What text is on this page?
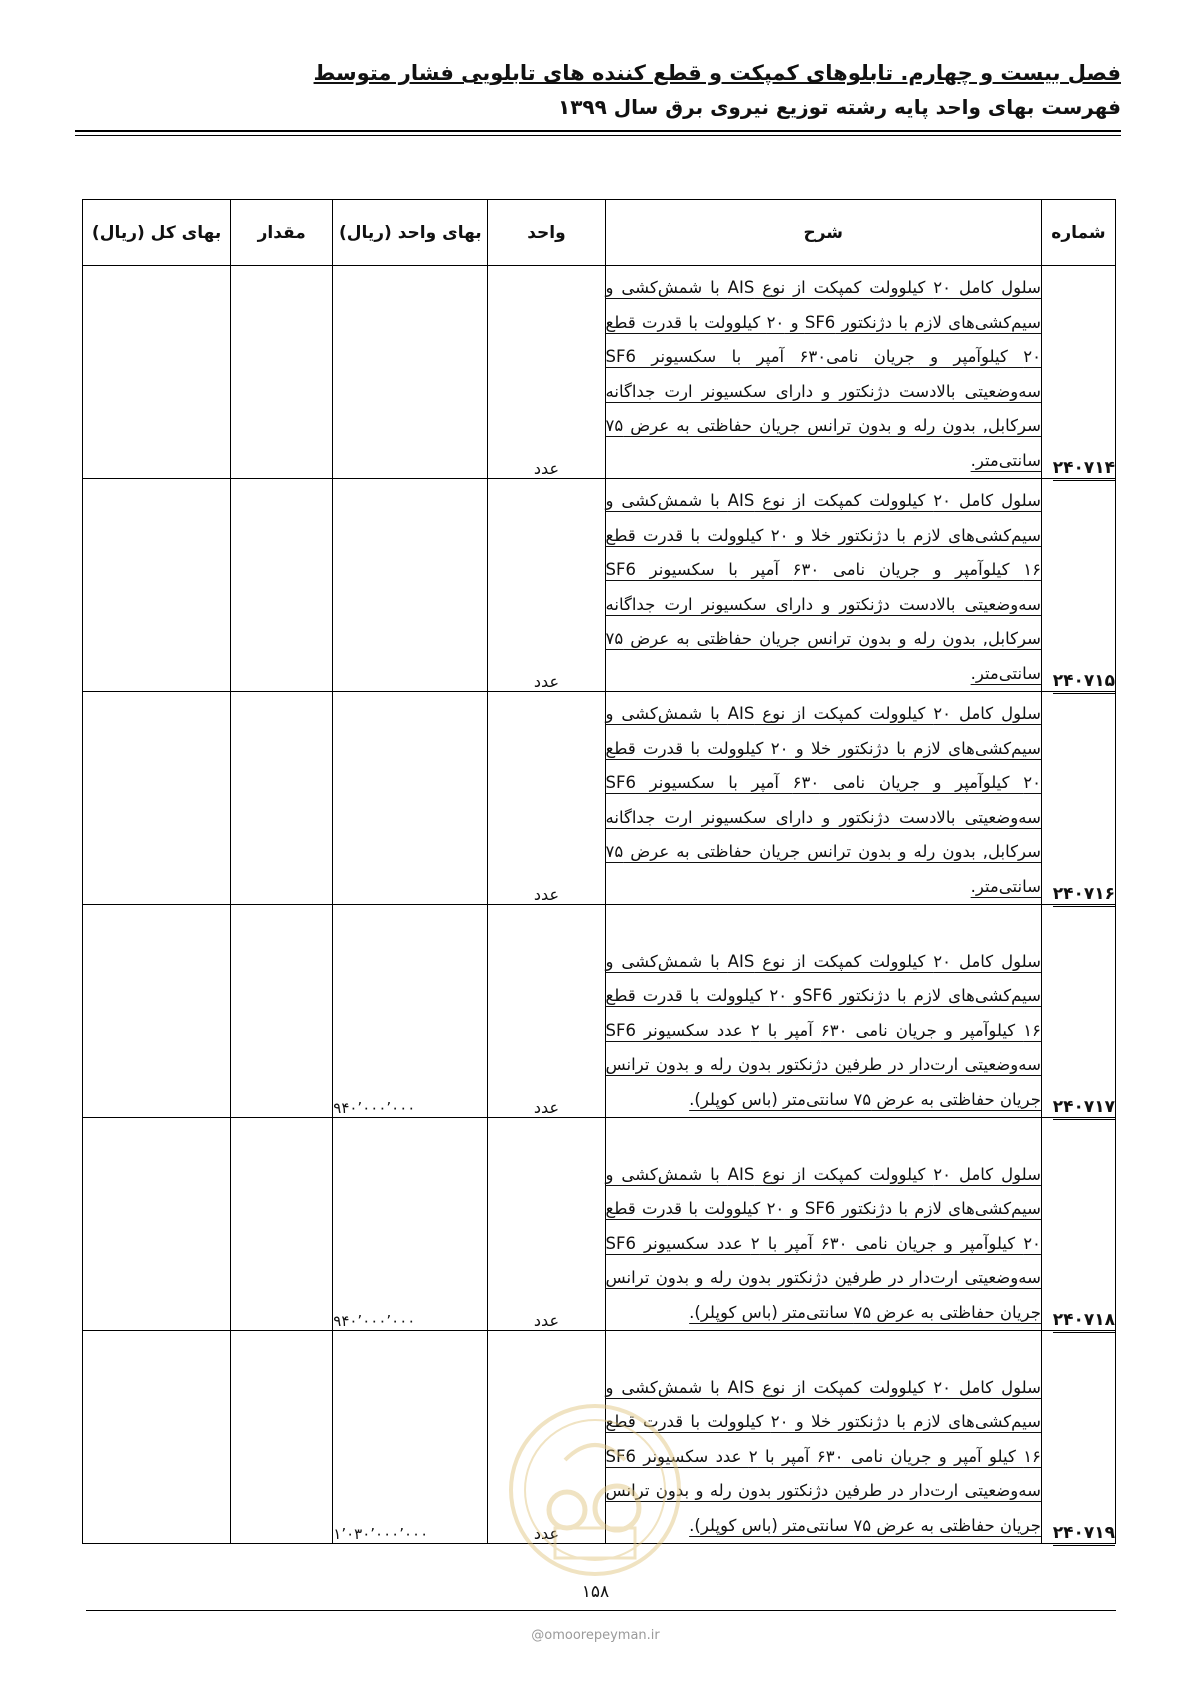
فصل بیست و چهارم. تابلوهای کمپکت و قطع کننده های تابلویی فشار متوسط
فهرست بهای واحد پایه رشته توزیع نیروی برق سال ۱۳۹۹
شماره	شرح	واحد	بهای واحد (ریال)	مقدار	بهای کل (ریال)
۲۴۰۷۱۴	سلول کامل ۲۰ کیلوولت کمپکت از نوع AIS با شمش‌کشی و سیم‌کشی‌های لازم با دژنکتور SF6 و ۲۰ کیلوولت با قدرت قطع ۲۰ کیلوآمپر و جریان نامی۶۳۰ آمپر با سکسیونر SF6 سه‌وضعیتی بالادست دژنکتور و دارای سکسیونر ارت جداگانه سرکابل, بدون رله و بدون ترانس جریان حفاظتی به عرض ۷۵ سانتی‌متر.	عدد			
۲۴۰۷۱۵	سلول کامل ۲۰ کیلوولت کمپکت از نوع AIS با شمش‌کشی و سیم‌کشی‌های لازم با دژنکتور خلا و ۲۰ کیلوولت با قدرت قطع ۱۶ کیلوآمپر و جریان نامی ۶۳۰ آمپر با سکسیونر SF6 سه‌وضعیتی بالادست دژنکتور و دارای سکسیونر ارت جداگانه سرکابل, بدون رله و بدون ترانس جریان حفاظتی به عرض ۷۵ سانتی‌متر.	عدد			
۲۴۰۷۱۶	سلول کامل ۲۰ کیلوولت کمپکت از نوع AIS با شمش‌کشی و سیم‌کشی‌های لازم با دژنکتور خلا و ۲۰ کیلوولت با قدرت قطع ۲۰ کیلوآمپر و جریان نامی ۶۳۰ آمپر با سکسیونر SF6 سه‌وضعیتی بالادست دژنکتور و دارای سکسیونر ارت جداگانه سرکابل, بدون رله و بدون ترانس جریان حفاظتی به عرض ۷۵ سانتی‌متر.	عدد			
۲۴۰۷۱۷	سلول کامل ۲۰ کیلوولت کمپکت از نوع AIS با شمش‌کشی و سیم‌کشی‌های لازم با دژنکتور SF6و ۲۰ کیلوولت با قدرت قطع ۱۶ کیلوآمپر و جریان نامی ۶۳۰ آمپر با ۲ عدد سکسیونر SF6 سه‌وضعیتی ارت‌دار در طرفین دژنکتور بدون رله و بدون ترانس جریان حفاظتی به عرض ۷۵ سانتی‌متر (باس کوپلر).	عدد	۹۴۰٬۰۰۰٬۰۰۰		
۲۴۰۷۱۸	سلول کامل ۲۰ کیلوولت کمپکت از نوع AIS با شمش‌کشی و سیم‌کشی‌های لازم با دژنکتور SF6 و ۲۰ کیلوولت با قدرت قطع ۲۰ کیلوآمپر و جریان نامی ۶۳۰ آمپر با ۲ عدد سکسیونر SF6 سه‌وضعیتی ارت‌دار در طرفین دژنکتور بدون رله و بدون ترانس جریان حفاظتی به عرض ۷۵ سانتی‌متر (باس کوپلر).	عدد	۹۴۰٬۰۰۰٬۰۰۰		
۲۴۰۷۱۹	سلول کامل ۲۰ کیلوولت کمپکت از نوع AIS با شمش‌کشی و سیم‌کشی‌های لازم با دژنکتور خلا و ۲۰ کیلوولت با قدرت قطع ۱۶ کیلو آمپر و جریان نامی ۶۳۰ آمپر با ۲ عدد سکسیونر SF6 سه‌وضعیتی ارت‌دار در طرفین دژنکتور بدون رله و بدون ترانس جریان حفاظتی به عرض ۷۵ سانتی‌متر (باس کوپلر).	عدد	۱٬۰۳۰٬۰۰۰٬۰۰۰		
۱۵۸
@omoorepeyman.ir
